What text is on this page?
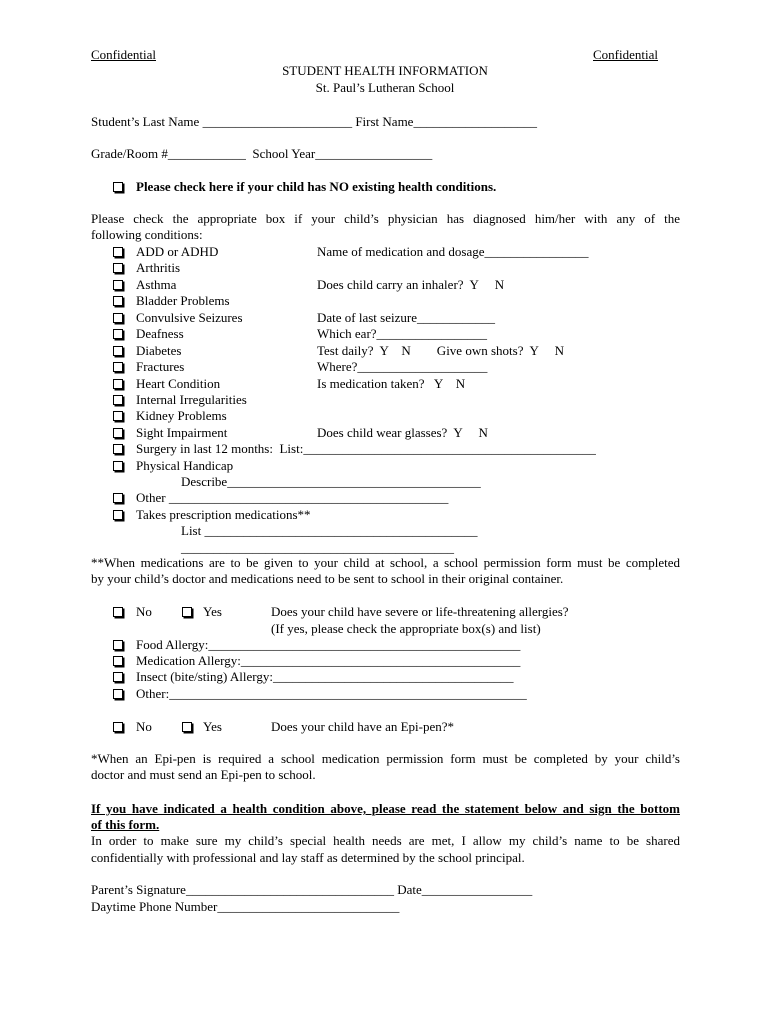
Confidential	Confidential
STUDENT HEALTH INFORMATION
St. Paul’s Lutheran School
Student’s Last Name _______________________ First Name___________________
Grade/Room #____________  School Year__________________
Please check here if your child has NO existing health conditions.
Please check the appropriate box if your child’s physician has diagnosed him/her with any of the
following conditions:
ADD or ADHD	Name of medication and dosage________________
Arthritis
Asthma	Does child carry an inhaler?  Y     N
Bladder Problems
Convulsive Seizures	Date of last seizure____________
Deafness	Which ear?_________________
Diabetes	Test daily?  Y    N        Give own shots?  Y     N
Fractures	Where?____________________
Heart Condition	Is medication taken?   Y    N
Internal Irregularities
Kidney Problems
Sight Impairment	Does child wear glasses?  Y     N
Surgery in last 12 months:  List:_____________________________________________
Physical Handicap
Describe_______________________________________
Other ___________________________________________
Takes prescription medications**
List __________________________________________
__________________________________________
**When medications are to be given to your child at school, a school permission form must be completed
by your child’s doctor and medications need to be sent to school in their original container.
No	Yes	Does your child have severe or life-threatening allergies?
(If yes, please check the appropriate box(s) and list)
Food Allergy:________________________________________________
Medication Allergy:___________________________________________
Insect (bite/sting) Allergy:_____________________________________
Other:_______________________________________________________
No	Yes	Does your child have an Epi-pen?*
*When an Epi-pen is required a school medication permission form must be completed by your child’s
doctor and must send an Epi-pen to school.
If you have indicated a health condition above, please read the statement below and sign the bottom
of this form.
In order to make sure my child’s special health needs are met, I allow my child’s name to be shared
confidentially with professional and lay staff as determined by the school principal.
Parent’s Signature________________________________ Date_________________
Daytime Phone Number____________________________
